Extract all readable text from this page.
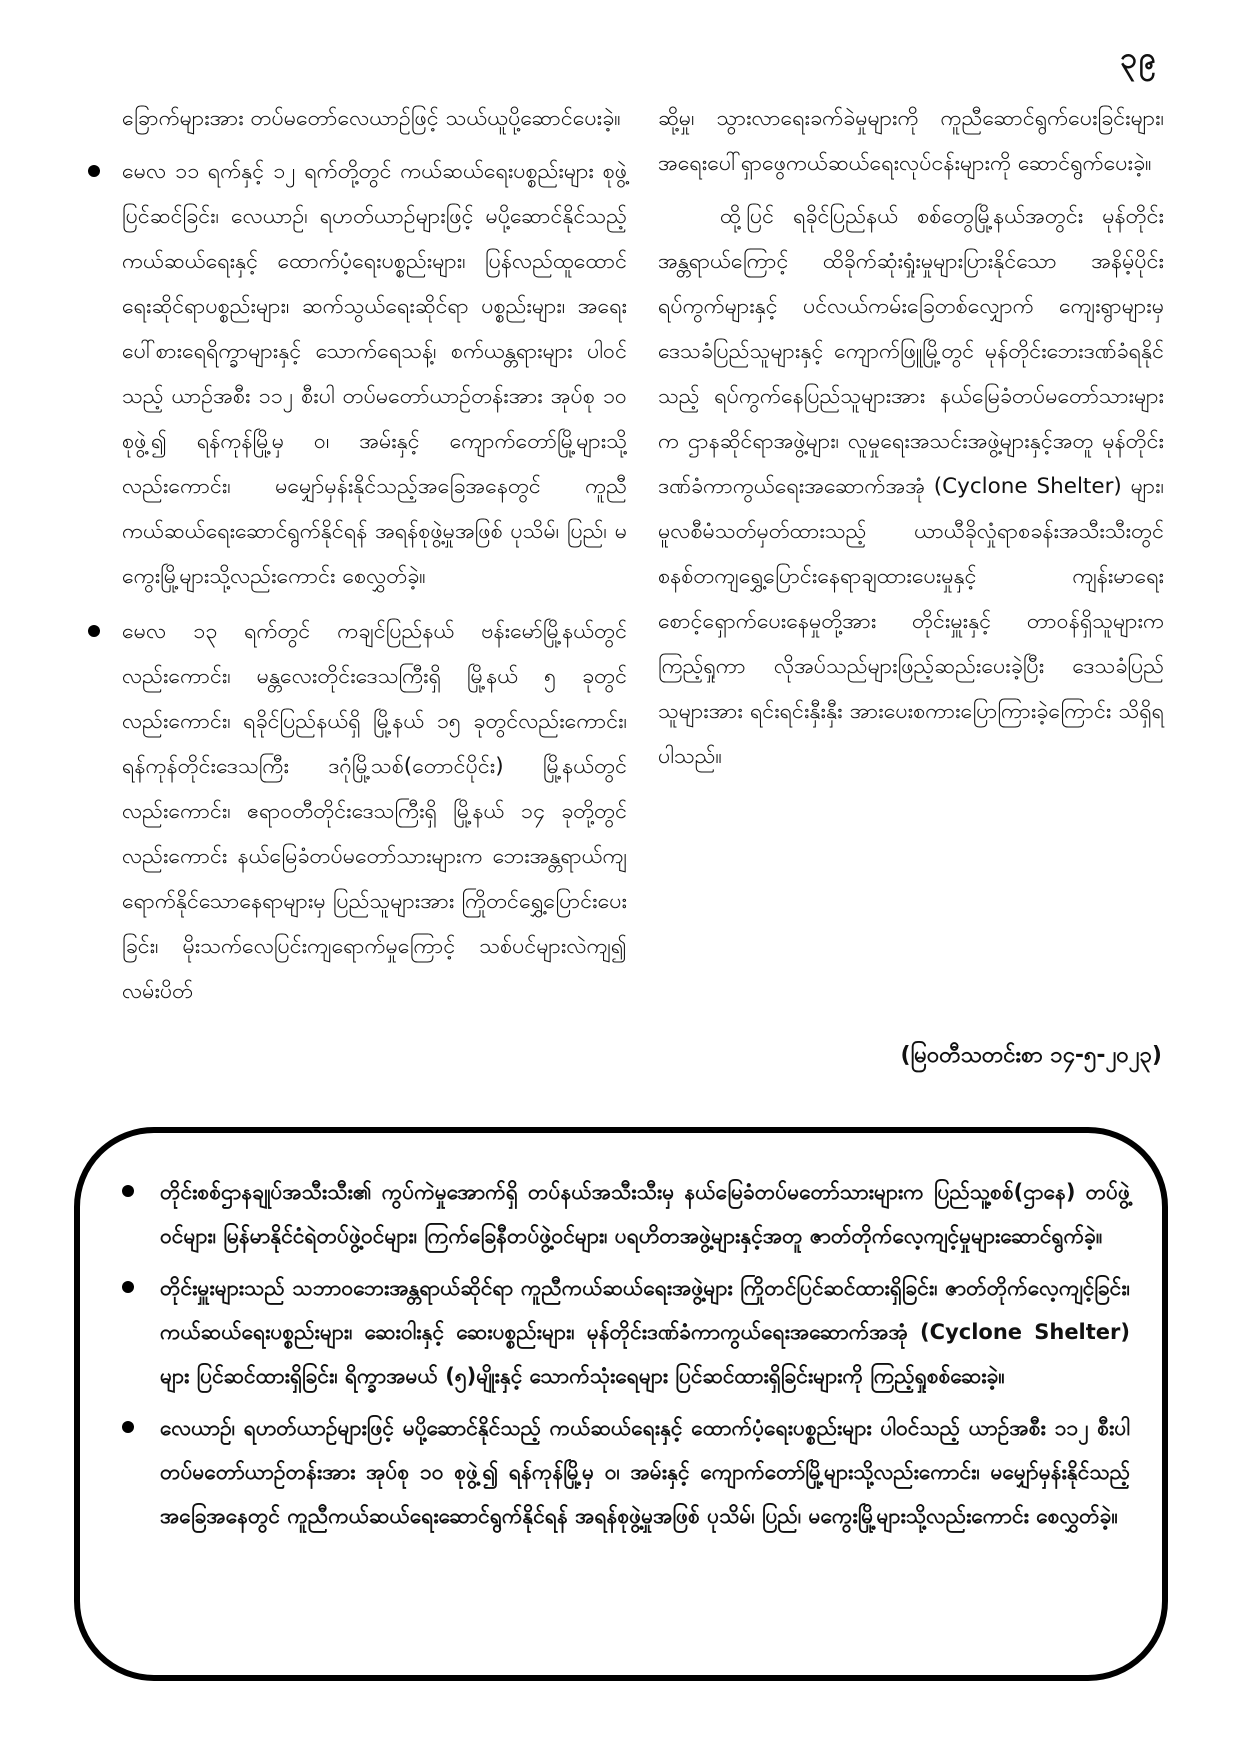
၃၉

ခြောက်များအား တပ်မတော်လေယာဉ်ဖြင့် သယ်ယူပို့ဆောင်ပေးခဲ့။

မေလ ၁၁ ရက်နှင့် ၁၂ ရက်တို့တွင် ကယ်ဆယ်ရေးပစ္စည်းများ စုဖွဲ့ပြင်ဆင်ခြင်း၊ လေယာဉ်၊ ရဟတ်ယာဉ်များဖြင့် မပို့ဆောင်နိုင်သည့် ကယ်ဆယ်ရေးနှင့် ထောက်ပံ့ရေးပစ္စည်းများ၊ ပြန်လည်ထူထောင်ရေးဆိုင်ရာပစ္စည်းများ၊ ဆက်သွယ်ရေးဆိုင်ရာ ပစ္စည်းများ၊ အရေးပေါ်စားရေရိက္ခာများနှင့် သောက်ရေသန့်၊ စက်ယန္တရားများ ပါဝင်သည့် ယာဉ်အစီး ၁၁၂ စီးပါ တပ်မတော်ယာဉ်တန်းအား အုပ်စု ၁၀ စုဖွဲ့၍ ရန်ကုန်မြို့မှ ဝ၊ အမ်းနှင့် ကျောက်တော်မြို့များသို့လည်းကောင်း၊ မမျှော်မှန်းနိုင်သည့်အခြေအနေတွင် ကူညီကယ်ဆယ်ရေးဆောင်ရွက်နိုင်ရန် အရန်စုဖွဲ့မှုအဖြစ် ပုသိမ်၊ ပြည်၊ မကွေးမြို့များသို့လည်းကောင်း စေလွှတ်ခဲ့။
မေလ ၁၃ ရက်တွင် ကချင်ပြည်နယ် ဗန်းမော်မြို့နယ်တွင်လည်းကောင်း၊ မန္တလေးတိုင်းဒေသကြီးရှိ မြို့နယ် ၅ ခုတွင်လည်းကောင်း၊ ရခိုင်ပြည်နယ်ရှိ မြို့နယ် ၁၅ ခုတွင်လည်းကောင်း၊ ရန်ကုန်တိုင်းဒေသကြီး ဒဂုံမြို့သစ်(တောင်ပိုင်း) မြို့နယ်တွင်လည်းကောင်း၊ ဧရာဝတီတိုင်းဒေသကြီးရှိ မြို့နယ် ၁၄ ခုတို့တွင်လည်းကောင်း နယ်မြေခံတပ်မတော်သားများက ဘေးအန္တရာယ်ကျရောက်နိုင်သောနေရာများမှ ပြည်သူများအား ကြိုတင်ရွှေ့ပြောင်းပေးခြင်း၊ မိုးသက်လေပြင်းကျရောက်မှုကြောင့် သစ်ပင်များလဲကျ၍ လမ်းပိတ်

ဆို့မှု၊ သွားလာရေးခက်ခဲမှုများကို ကူညီဆောင်ရွက်ပေးခြင်းများ၊ အရေးပေါ်ရှာဖွေကယ်ဆယ်ရေးလုပ်ငန်းများကို ဆောင်ရွက်ပေးခဲ့။

ထို့ပြင် ရခိုင်ပြည်နယ် စစ်တွေမြို့နယ်အတွင်း မုန်တိုင်းအန္တရာယ်ကြောင့် ထိခိုက်ဆုံးရှုံးမှုများပြားနိုင်သော အနိမ့်ပိုင်းရပ်ကွက်များနှင့် ပင်လယ်ကမ်းခြေတစ်လျှောက် ကျေးရွာများမှ ဒေသခံပြည်သူများနှင့် ကျောက်ဖြူမြို့တွင် မုန်တိုင်းဘေးဒဏ်ခံရနိုင်သည့် ရပ်ကွက်နေပြည်သူများအား နယ်မြေခံတပ်မတော်သားများက ဌာနဆိုင်ရာအဖွဲ့များ၊ လူမှုရေးအသင်းအဖွဲ့များနှင့်အတူ မုန်တိုင်းဒဏ်ခံကာကွယ်ရေးအဆောက်အအုံ (Cyclone Shelter) များ၊ မူလစီမံသတ်မှတ်ထားသည့် ယာယီခိုလှုံရာစခန်းအသီးသီးတွင် စနစ်တကျရွှေ့ပြောင်းနေရာချထားပေးမှုနှင့် ကျန်းမာရေးစောင့်ရှောက်ပေးနေမှုတို့အား တိုင်းမှူးနှင့် တာဝန်ရှိသူများက ကြည့်ရှုကာ လိုအပ်သည်များဖြည့်ဆည်းပေးခဲ့ပြီး ဒေသခံပြည်သူများအား ရင်းရင်းနှီးနှီး အားပေးစကားပြောကြားခဲ့ကြောင်း သိရှိရပါသည်။

(မြဝတီသတင်းစာ ၁၄-၅-၂၀၂၃)
တိုင်းစစ်ဌာနချုပ်အသီးသီး၏ ကွပ်ကဲမှုအောက်ရှိ တပ်နယ်အသီးသီးမှ နယ်မြေခံတပ်မတော်သားများက ပြည်သူ့စစ်(ဌာနေ) တပ်ဖွဲ့ဝင်များ၊ မြန်မာနိုင်ငံရဲတပ်ဖွဲ့ဝင်များ၊ ကြက်ခြေနီတပ်ဖွဲ့ဝင်များ၊ ပရဟိတအဖွဲ့များနှင့်အတူ ဇာတ်တိုက်လေ့ကျင့်မှုများဆောင်ရွက်ခဲ့။
တိုင်းမှူးများသည် သဘာဝဘေးအန္တရာယ်ဆိုင်ရာ ကူညီကယ်ဆယ်ရေးအဖွဲ့များ ကြိုတင်ပြင်ဆင်ထားရှိခြင်း၊ ဇာတ်တိုက်လေ့ကျင့်ခြင်း၊ ကယ်ဆယ်ရေးပစ္စည်းများ၊ ဆေးဝါးနှင့် ဆေးပစ္စည်းများ၊ မုန်တိုင်းဒဏ်ခံကာကွယ်ရေးအဆောက်အအုံ (Cyclone Shelter) များ ပြင်ဆင်ထားရှိခြင်း၊ ရိက္ခာအမယ် (၅)မျိုးနှင့် သောက်သုံးရေများ ပြင်ဆင်ထားရှိခြင်းများကို ကြည့်ရှုစစ်ဆေးခဲ့။
လေယာဉ်၊ ရဟတ်ယာဉ်များဖြင့် မပို့ဆောင်နိုင်သည့် ကယ်ဆယ်ရေးနှင့် ထောက်ပံ့ရေးပစ္စည်းများ ပါဝင်သည့် ယာဉ်အစီး ၁၁၂ စီးပါ တပ်မတော်ယာဉ်တန်းအား အုပ်စု ၁၀ စုဖွဲ့၍ ရန်ကုန်မြို့မှ ဝ၊ အမ်းနှင့် ကျောက်တော်မြို့များသို့လည်းကောင်း၊ မမျှော်မှန်းနိုင်သည့်အခြေအနေတွင် ကူညီကယ်ဆယ်ရေးဆောင်ရွက်နိုင်ရန် အရန်စုဖွဲ့မှုအဖြစ် ပုသိမ်၊ ပြည်၊ မကွေးမြို့များသို့လည်းကောင်း စေလွှတ်ခဲ့။
